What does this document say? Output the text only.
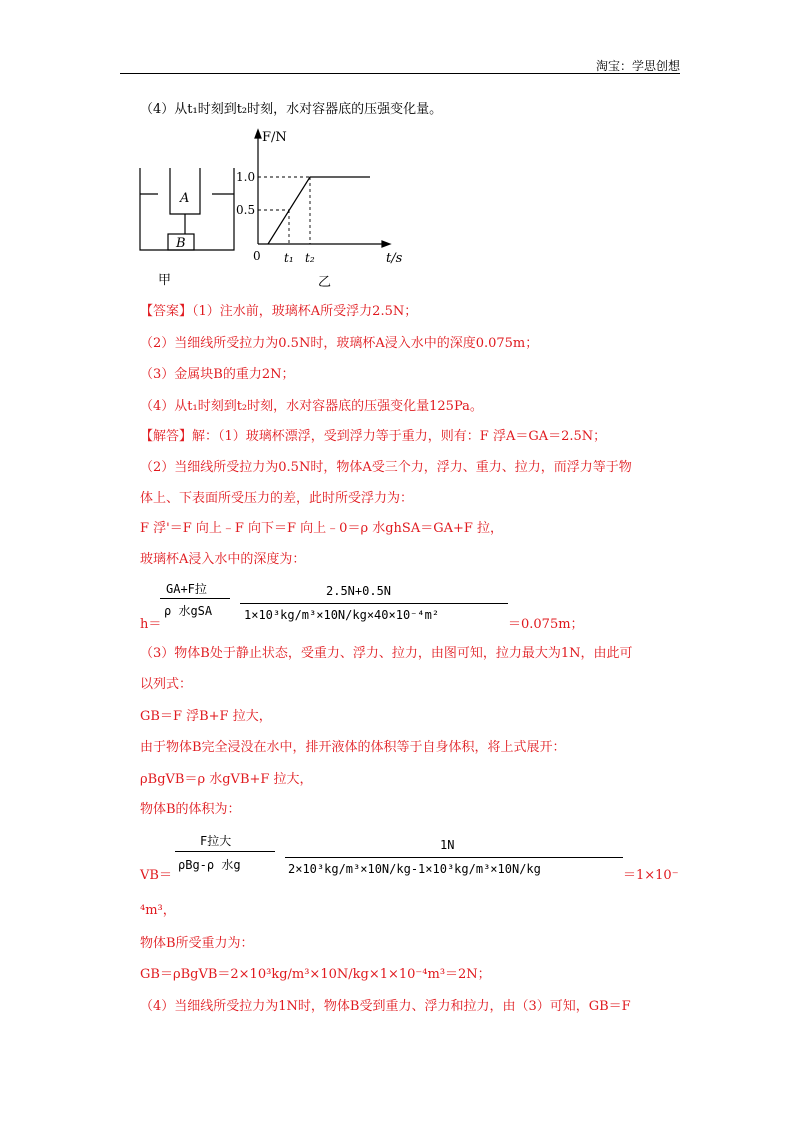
淘宝：学思创想
（4）从t₁时刻到t₂时刻，水对容器底的压强变化量。
A
B
甲
F/N
1.0
0.5
0 t₁ t₂	t/s
乙
【答案】（1）注水前，玻璃杯A所受浮力2.5N；
（2）当细线所受拉力为0.5N时，玻璃杯A浸入水中的深度0.075m；
（3）金属块B的重力2N；
（4）从t₁时刻到t₂时刻，水对容器底的压强变化量125Pa。
【解答】解：（1）玻璃杯漂浮，受到浮力等于重力，则有：F 浮A＝GA＝2.5N；
（2）当细线所受拉力为0.5N时，物体A受三个力，浮力、重力、拉力，而浮力等于物
体上、下表面所受压力的差，此时所受浮力为：
F 浮'＝F 向上﹣F 向下＝F 向上﹣0＝ρ 水ghSA＝GA+F 拉，
玻璃杯A浸入水中的深度为：
h＝
GA+F拉
ρ 水gSA
2.5N+0.5N
1×10³kg/m³×10N/kg×40×10⁻⁴m²
＝0.075m；
（3）物体B处于静止状态，受重力、浮力、拉力，由图可知，拉力最大为1N，由此可
以列式：
GB＝F 浮B+F 拉大，
由于物体B完全浸没在水中，排开液体的体积等于自身体积，将上式展开：
ρBgVB＝ρ 水gVB+F 拉大，
物体B的体积为：
VB＝
F拉大
ρBg-ρ 水g
1N
2×10³kg/m³×10N/kg-1×10³kg/m³×10N/kg	＝1×10⁻
⁴m³，
物体B所受重力为：
GB＝ρBgVB＝2×10³kg/m³×10N/kg×1×10⁻⁴m³＝2N；
（4）当细线所受拉力为1N时，物体B受到重力、浮力和拉力，由（3）可知，GB＝F
